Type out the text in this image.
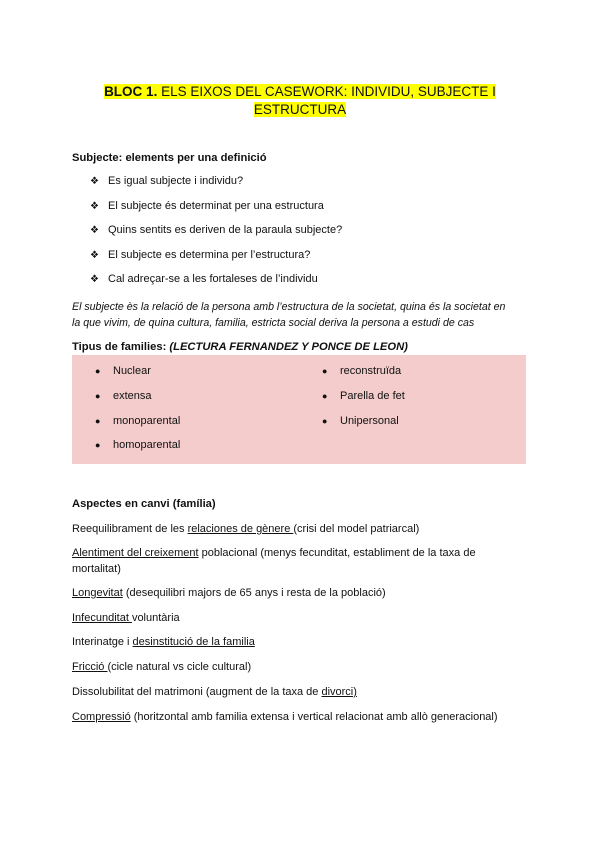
BLOC 1. ELS EIXOS DEL CASEWORK: INDIVIDU, SUBJECTE I
ESTRUCTURA
Subjecte: elements per una definició
❖ Es igual subjecte i individu?
❖ El subjecte és determinat per una estructura
❖ Quins sentits es deriven de la paraula subjecte?
❖ El subjecte es determina per l’estructura?
❖ Cal adreçar-se a les fortaleses de l’individu
El subjecte ès la relació de la persona amb l’estructura de la societat, quina és la societat en
la que vivim, de quina cultura, familia, estricta social deriva la persona a estudi de cas
Tipus de families: (LECTURA FERNANDEZ Y PONCE DE LEON)
●	Nuclear
●	extensa
●	monoparental
●	homoparental
●	reconstruïda
●	Parella de fet
●	Unipersonal
Aspectes en canvi (família)
Reequilibrament de les relaciones de gènere (crisi del model patriarcal)
Alentiment del creixement poblacional (menys fecunditat, establiment de la taxa de
mortalitat)
Longevitat (desequilibri majors de 65 anys i resta de la població)
Infecunditat voluntària
Interinatge i desinstitució de la familia
Fricció (cicle natural vs cicle cultural)
Dissolubilitat del matrimoni (augment de la taxa de divorci)
Compressió (horitzontal amb familia extensa i vertical relacionat amb allò generacional)
